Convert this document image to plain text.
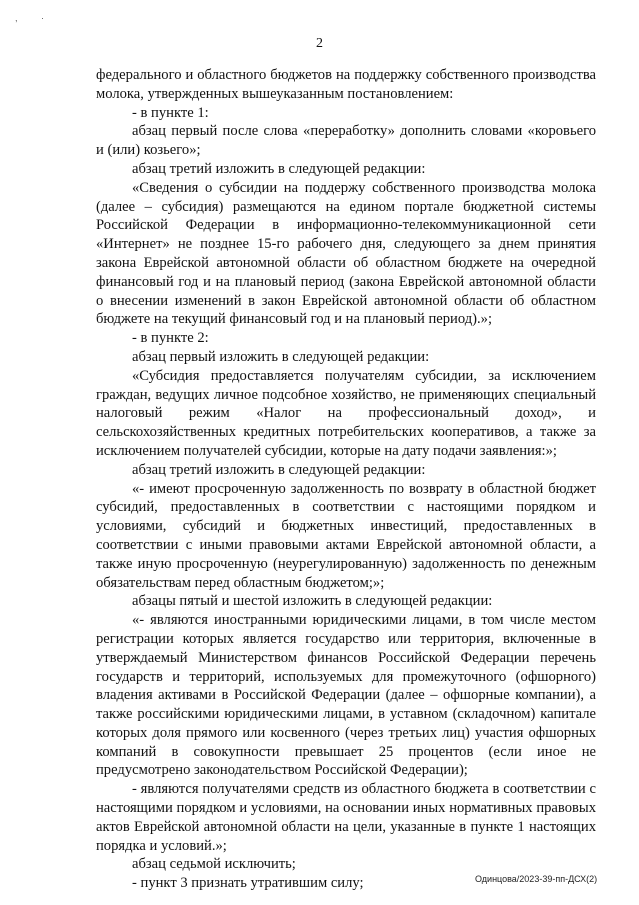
,	·
2

федерального и областного бюджетов на поддержку собственного производства молока, утвержденных вышеуказанным постановлением:

- в пункте 1:

абзац первый после слова «переработку» дополнить словами «коровьего и (или) козьего»;

абзац третий изложить в следующей редакции:

«Сведения о субсидии на поддержу собственного производства молока (далее – субсидия) размещаются на едином портале бюджетной системы Российской Федерации в информационно-телекоммуникационной сети «Интернет» не позднее 15-го рабочего дня, следующего за днем принятия закона Еврейской автономной области об областном бюджете на очередной финансовый год и на плановый период (закона Еврейской автономной области о внесении изменений в закон Еврейской автономной области об областном бюджете на текущий финансовый год и на плановый период).»;

- в пункте 2:

абзац первый изложить в следующей редакции:

«Субсидия предоставляется получателям субсидии, за исключением граждан, ведущих личное подсобное хозяйство, не применяющих специальный налоговый режим «Налог на профессиональный доход», и сельскохозяйственных кредитных потребительских кооперативов, а также за исключением получателей субсидии, которые на дату подачи заявления:»;

абзац третий изложить в следующей редакции:

«- имеют просроченную задолженность по возврату в областной бюджет субсидий, предоставленных в соответствии с настоящими порядком и условиями, субсидий и бюджетных инвестиций, предоставленных в соответствии с иными правовыми актами Еврейской автономной области, а также иную просроченную (неурегулированную) задолженность по денежным обязательствам перед областным бюджетом;»;

абзацы пятый и шестой изложить в следующей редакции:

«- являются иностранными юридическими лицами, в том числе местом регистрации которых является государство или территория, включенные в утверждаемый Министерством финансов Российской Федерации перечень государств и территорий, используемых для промежуточного (офшорного) владения активами в Российской Федерации (далее – офшорные компании), а также российскими юридическими лицами, в уставном (складочном) капитале которых доля прямого или косвенного (через третьих лиц) участия офшорных компаний в совокупности превышает 25 процентов (если иное не предусмотрено законодательством Российской Федерации);

- являются получателями средств из областного бюджета в соответствии с настоящими порядком и условиями, на основании иных нормативных правовых актов Еврейской автономной области на цели, указанные в пункте 1 настоящих порядка и условий.»;

абзац седьмой исключить;

- пункт 3 признать утратившим силу;	Одинцова/2023-39-пп-ДСХ(2)
